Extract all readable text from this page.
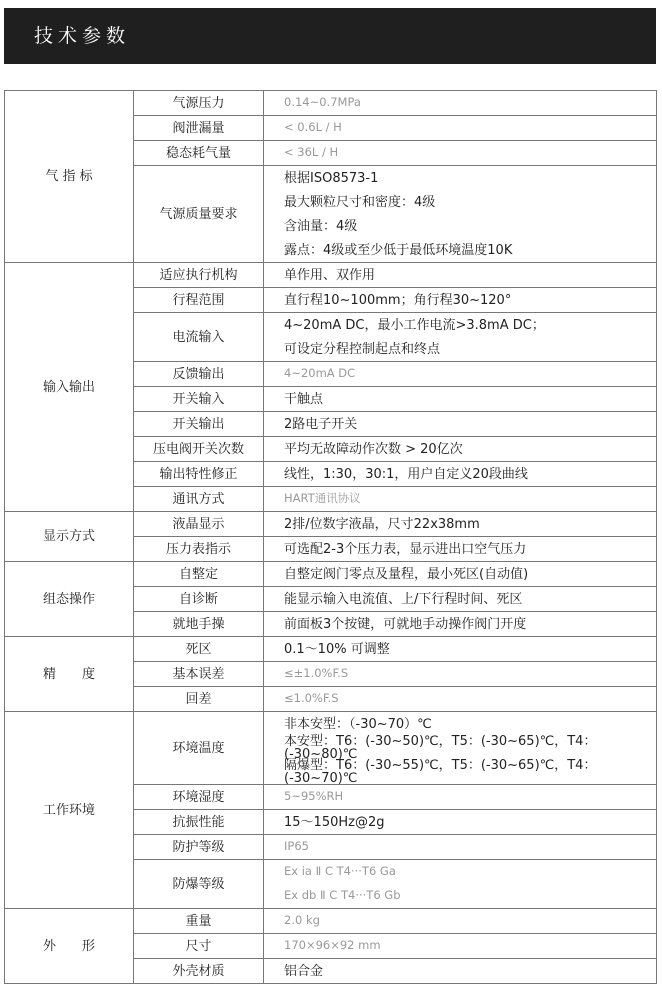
技术参数
气 指 标	气源压力	0.14~0.7MPa

	阀泄漏量	< 0.6L / H

	稳态耗气量	< 36L / H

	气源质量要求	根据ISO8573-1
最大颗粒尺寸和密度：4级
含油量：4级
露点：4级或至少低于最低环境温度10K

输入输出	适应执行机构	单作用、双作用

	行程范围	直行程10~100mm；角行程30~120°

	电流输入	4~20mA DC，最小工作电流>3.8mA DC；
可设定分程控制起点和终点

	反馈输出	4~20mA DC

	开关输入	干触点

	开关输出	2路电子开关

	压电阀开关次数	平均无故障动作次数 > 20亿次

	输出特性修正	线性，1:30，30:1，用户自定义20段曲线

	通讯方式	HART通讯协议

显示方式	液晶显示	2排/位数字液晶，尺寸22x38mm

	压力表指示	可选配2-3个压力表，显示进出口空气压力

组态操作	自整定	自整定阀门零点及量程，最小死区(自动值)

	自诊断	能显示输入电流值、上/下行程时间、死区

	就地手操	前面板3个按键，可就地手动操作阀门开度

精　　度	死区	0.1～10% 可调整

	基本误差	≤±1.0%F.S

	回差	≤1.0%F.S

工作环境	环境温度	非本安型：（-30~70）℃
本安型：T6：(-30~50)℃，T5：(-30~65)℃，T4：(-30~80)℃
隔爆型：T6：(-30~55)℃，T5：(-30~65)℃，T4：(-30~70)℃

	环境湿度	5~95%RH

	抗振性能	15～150Hz@2g

	防护等级	IP65

	防爆等级	Ex ia Ⅱ C T4···T6 Ga
Ex db Ⅱ C T4···T6 Gb

外　　形	重量	2.0 kg

	尺寸	170×96×92 mm

	外壳材质	铝合金
